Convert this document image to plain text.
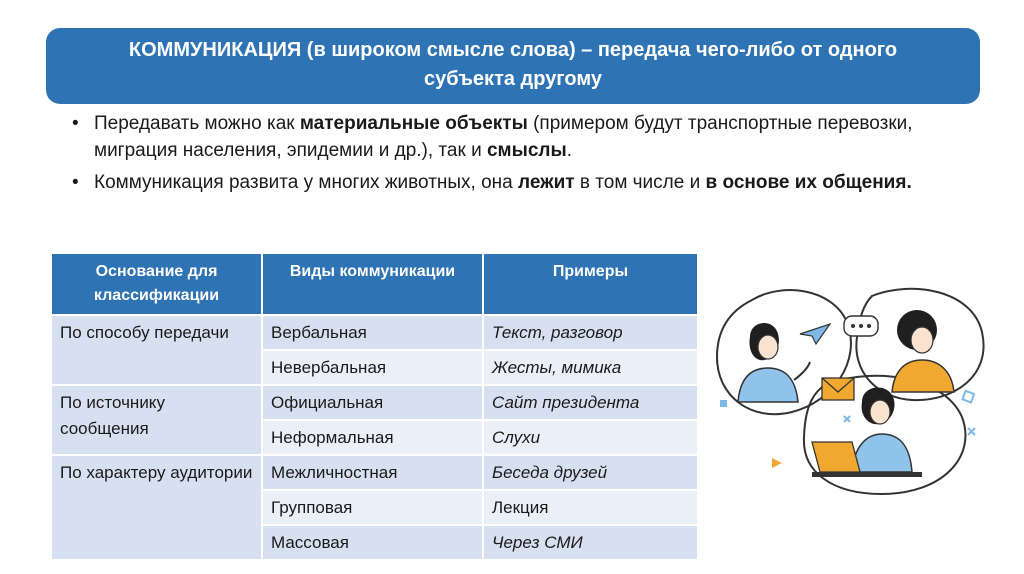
КОММУНИКАЦИЯ (в широком смысле слова) – передача чего-либо от одного
субъекта другому
• Передавать можно как материальные объекты (примером будут транспортные перевозки, миграция населения, эпидемии и др.), так и смыслы.
• Коммуникация развита у многих животных, она лежит в том числе и в основе их общения.
Основание для классификации	Виды коммуникации	Примеры
По способу передачи	Вербальная	Текст, разговор
	Невербальная	Жесты, мимика
По источнику сообщения	Официальная	Сайт президента
	Неформальная	Слухи
По характеру аудитории	Межличностная	Беседа друзей
	Групповая	Лекция
	Массовая	Через СМИ
